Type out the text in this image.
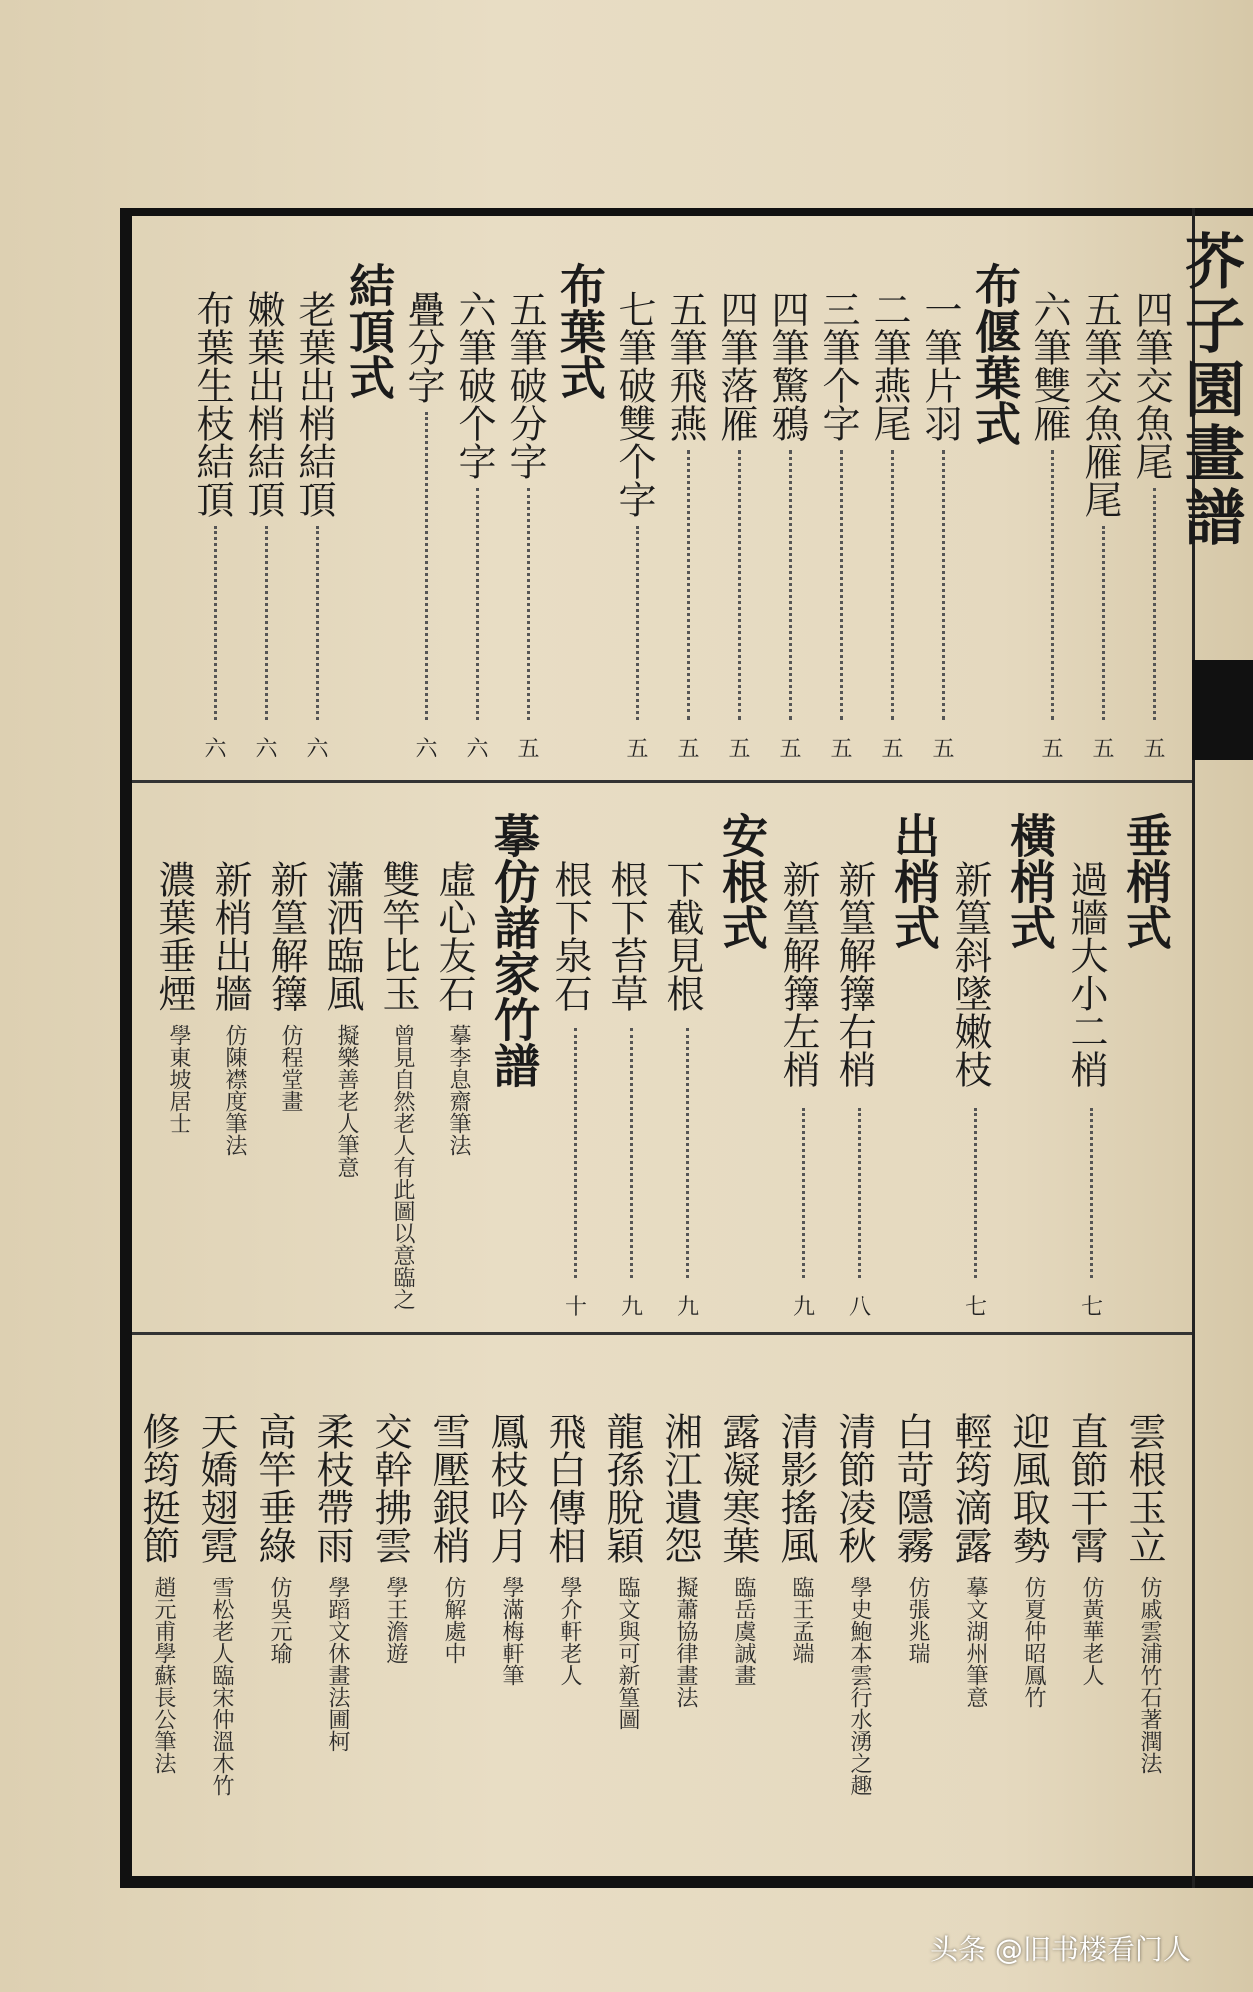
芥子園畫譜
四筆交魚尾
五
五筆交魚雁尾
五
六筆雙雁
五
布偃葉式
一筆片羽
五
二筆燕尾
五
三筆个字
五
四筆驚鴉
五
四筆落雁
五
五筆飛燕
五
七筆破雙个字
五
布葉式
五筆破分字
五
六筆破个字
六
疊分字
六
結頂式
老葉出梢結頂
六
嫩葉出梢結頂
六
布葉生枝結頂
六
垂梢式
過牆大小二梢
七
橫梢式
新篁斜墜嫩枝
七
出梢式
新篁解籜右梢
八
新篁解籜左梢
九
安根式
下截見根
九
根下苔草
九
根下泉石
十
摹仿諸家竹譜
虛心友石
摹李息齋筆法
雙竿比玉
曾見自然老人有此圖以意臨之
瀟洒臨風
擬樂善老人筆意
新篁解籜
仿程堂畫
新梢出牆
仿陳襟度筆法
濃葉垂煙
學東坡居士
雲根玉立
仿戚雲浦竹石著潤法
直節干霄
仿黃華老人
迎風取勢
仿夏仲昭鳳竹
輕筠滴露
摹文湖州筆意
白苛隱霧
仿張兆瑞
清節凌秋
學史鮑本雲行水湧之趣
清影搖風
臨王孟端
露凝寒葉
臨岳虞誠畫
湘江遺怨
擬蕭協律畫法
龍孫脫穎
臨文與可新篁圖
飛白傳相
學介軒老人
鳳枝吟月
學滿梅軒筆
雪壓銀梢
仿解處中
交幹拂雲
學王澹遊
柔枝帶雨
學蹈文休畫法圃柯
高竿垂綠
仿吳元瑜
天嬌翅霓
雪松老人臨宋仲溫木竹
修筠挺節
趙元甫學蘇長公筆法
头条 @旧书楼看门人
